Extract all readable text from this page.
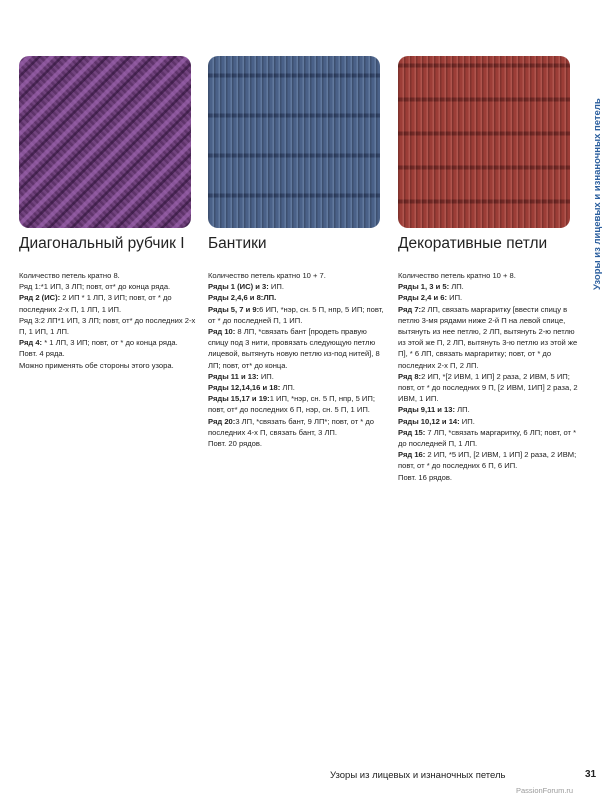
Диагональный рубчик I Бантики	Декоративные петли

Количество петель кратно 8.

Ряд 1:*1 ИП, 3 ЛП; повт, от* до конца ряда.

Ряд 2 (ИС): 2 ИП * 1 ЛП, 3 ИП; повт, от * до последних 2-х П, 1 ЛП, 1 ИП.

Ряд 3:2 ЛП*1 ИП, 3 ЛП; повт, от* до последних 2-х П, 1 ИП, 1 ЛП.

Ряд 4: * 1 ЛП, 3 ИП; повт, от * до конца ряда.

Повт. 4 ряда.

Можно применять обе стороны этого узора.

Количество петель кратно 10 + 7.

Ряды 1 (ИС) и 3: ИП.

Ряды 2,4,6 и 8:ЛП.

Ряды 5, 7 и 9:6 ИП, *нэр, сн. 5 П, нпр, 5 ИП; повт, от * до последней П, 1 ИП.

Ряд 10: 8 ЛП, *связать бант [продеть правую спицу под 3 нити, провязать следующую петлю лицевой, вытянуть новую петлю из-под нитей], 8 ЛП; повт, от* до конца.

Ряды 11 и 13: ИП.

Ряды 12,14,16 и 18: ЛП.

Ряды 15,17 и 19:1 ИП, *нэр, сн. 5 П, нпр, 5 ИП; повт, от* до последних 6 П, нэр, сн. 5 П, 1 ИП.

Ряд 20:3 ЛП, *связать бант, 9 ЛП*; повт, от * до последних 4-х П, связать бант, 3 ЛП.

Повт. 20 рядов.

Количество петель кратно 10 + 8.

Ряды 1, 3 и 5: ЛП.

Ряды 2,4 и 6: ИП.

Ряд 7:2 ЛП, связать маргаритку [ввести спицу в петлю 3-мя рядами ниже 2-й П на левой спице, вытянуть из нее петлю, 2 ЛП, вытянуть 2-ю петлю из этой же П, 2 ЛП, вытянуть 3-ю петлю из этой же П], * 6 ЛП, связать маргаритку; повт, от * до последних 2-х П, 2 ЛП.

Ряд 8:2 ИП, *[2 ИВМ, 1 ИП] 2 раза, 2 ИВМ, 5 ИП; повт, от * до последних 9 П, [2 ИВМ, 1ИП] 2 раза, 2 ИВМ, 1 ИП.

Ряды 9,11 и 13: ЛП.

Ряды 10,12 и 14: ИП.

Ряд 15: 7 ЛП, *связать маргаритку, 6 ЛП; повт, от * до последней П, 1 ЛП.

Ряд 16: 2 ИП, *5 ИП, [2 ИВМ, 1 ИП] 2 раза, 2 ИВМ; повт, от * до последних 6 П, 6 ИП.

Повт. 16 рядов.

Узоры из лицевых и изнаночных петель
Узоры из лицевых и изнаночных петель	31
PassionForum.ru
